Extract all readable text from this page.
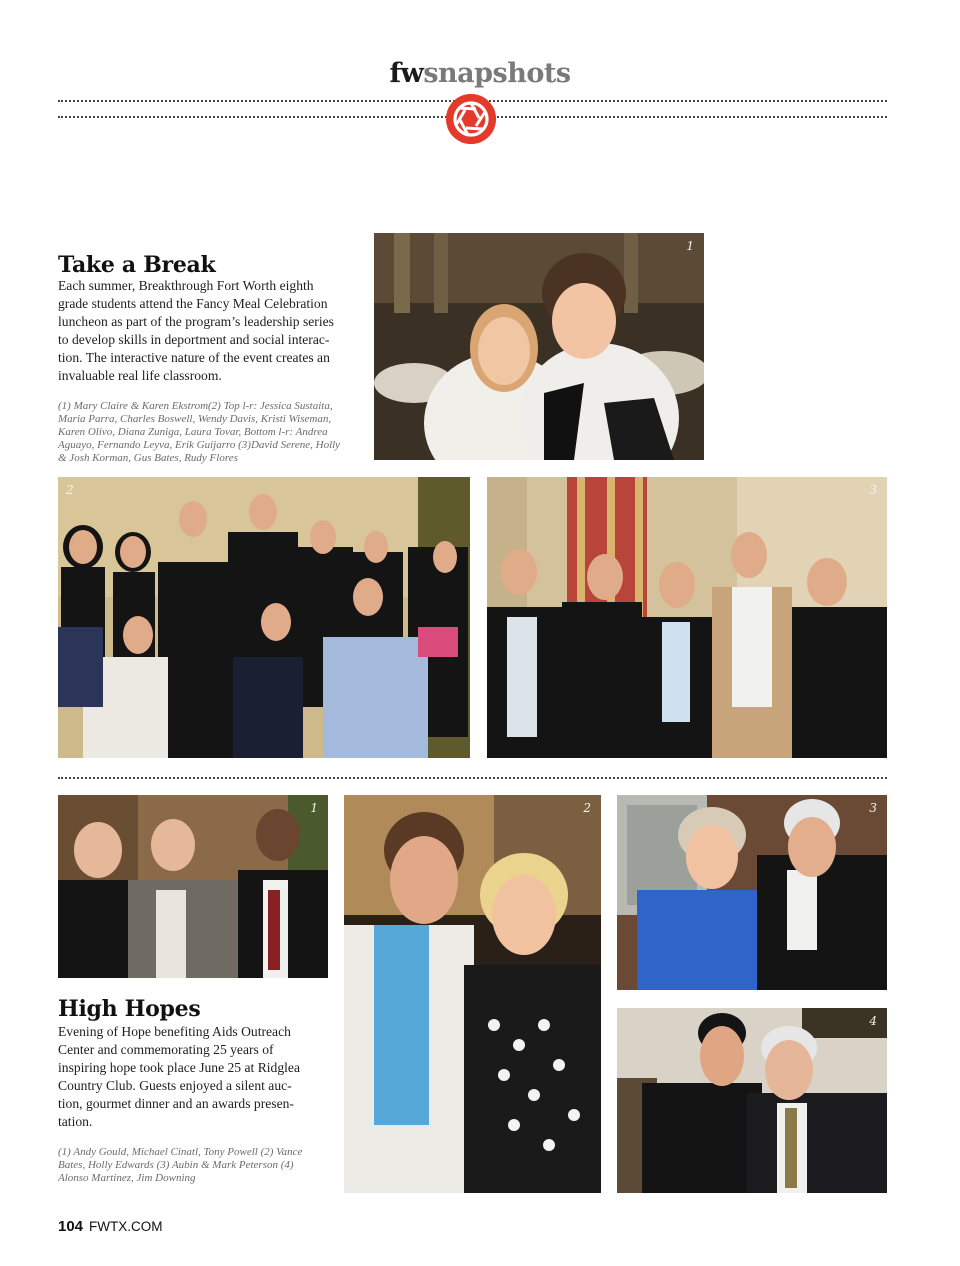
fwsnapshots
Take a Break
Each summer, Breakthrough Fort Worth eighth grade students attend the Fancy Meal Celebration luncheon as part of the program’s leadership series to develop skills in deportment and social interac-tion. The interactive nature of the event creates an invaluable real life classroom.
(1) Mary Claire & Karen Ekstrom(2) Top l-r: Jessica Sustaita, Maria Parra, Charles Boswell, Wendy Davis, Kristi Wiseman, Karen Olivo, Diana Zuniga, Laura Tovar, Bottom l-r: Andrea Aguayo, Fernando Leyva, Erik Guijarro (3)David Serene, Holly & Josh Korman, Gus Bates, Rudy Flores
1
2	3
High Hopes
Evening of Hope benefiting Aids Outreach Center and commemorating 25 years of inspiring hope took place June 25 at Ridglea Country Club. Guests enjoyed a silent auc-tion, gourmet dinner and an awards presen-tation.
(1) Andy Gould, Michael Cinatl, Tony Powell (2) Vance Bates, Holly Edwards (3) Aubin & Mark Peterson (4) Alonso Martinez, Jim Downing
1	2	3
4
104 FWTX.COM
